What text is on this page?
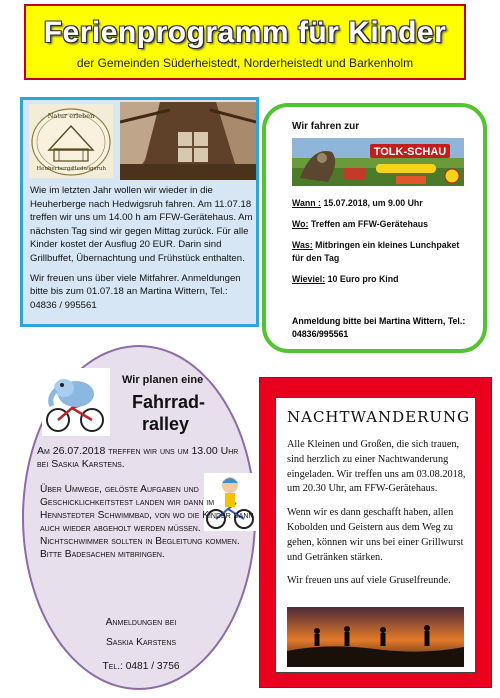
Ferienprogramm für Kinder
der Gemeinden Süderheistedt, Norderheistedt und Barkenholm
Natur erleben
Heuherberge
Hedwigsruh

Wie im letzten Jahr wollen wir wieder in die Heuherberge nach Hedwigsruh fahren. Am 11.07.18 treffen wir uns um 14.00 h am FFW-Gerätehaus. Am nächsten Tag sind wir gegen Mittag zurück. Für alle Kinder kostet der Ausflug 20 EUR. Darin sind Grillbuffet, Übernachtung und Frühstück enthalten.

Wir freuen uns über viele Mitfahrer. Anmeldungen bitte bis zum 01.07.18 an Martina Wittern, Tel.: 04836 / 995561

Wir fahren zur
TOLK-SCHAU

Wann : 15.07.2018, um 9.00 Uhr

Wo: Treffen am FFW-Gerätehaus

Was: Mitbringen ein kleines Lunchpaket für den Tag

Wieviel: 10 Euro pro Kind

Anmeldung bitte bei Martina Wittern, Tel.: 04836/995561
Wir planen eine
Fahrrad-
ralley
Am 26.07.2018 treffen wir uns um 13.00 Uhr bei Saskia Karstens.
Über Umwege, gelöste Aufgaben und Geschicklichkeitstest landen wir dann im Hennstedter Schwimmbad, von wo die Kinder dann auch wieder abgeholt werden müssen. Nichtschwimmer sollten in Begleitung kommen. Bitte Badesachen mitbringen.
Anmeldungen bei
Saskia Karstens
Tel.: 0481 / 3756
NACHTWANDERUNG

Alle Kleinen und Großen, die sich trauen, sind herzlich zu einer Nachtwanderung eingeladen. Wir treffen uns am 03.08.2018, um 20.30 Uhr, am FFW-Gerätehaus.

Wenn wir es dann geschafft haben, allen Kobolden und Geistern aus dem Weg zu gehen, können wir uns bei einer Grillwurst und Getränken stärken.

Wir freuen uns auf viele Gruselfreunde.
